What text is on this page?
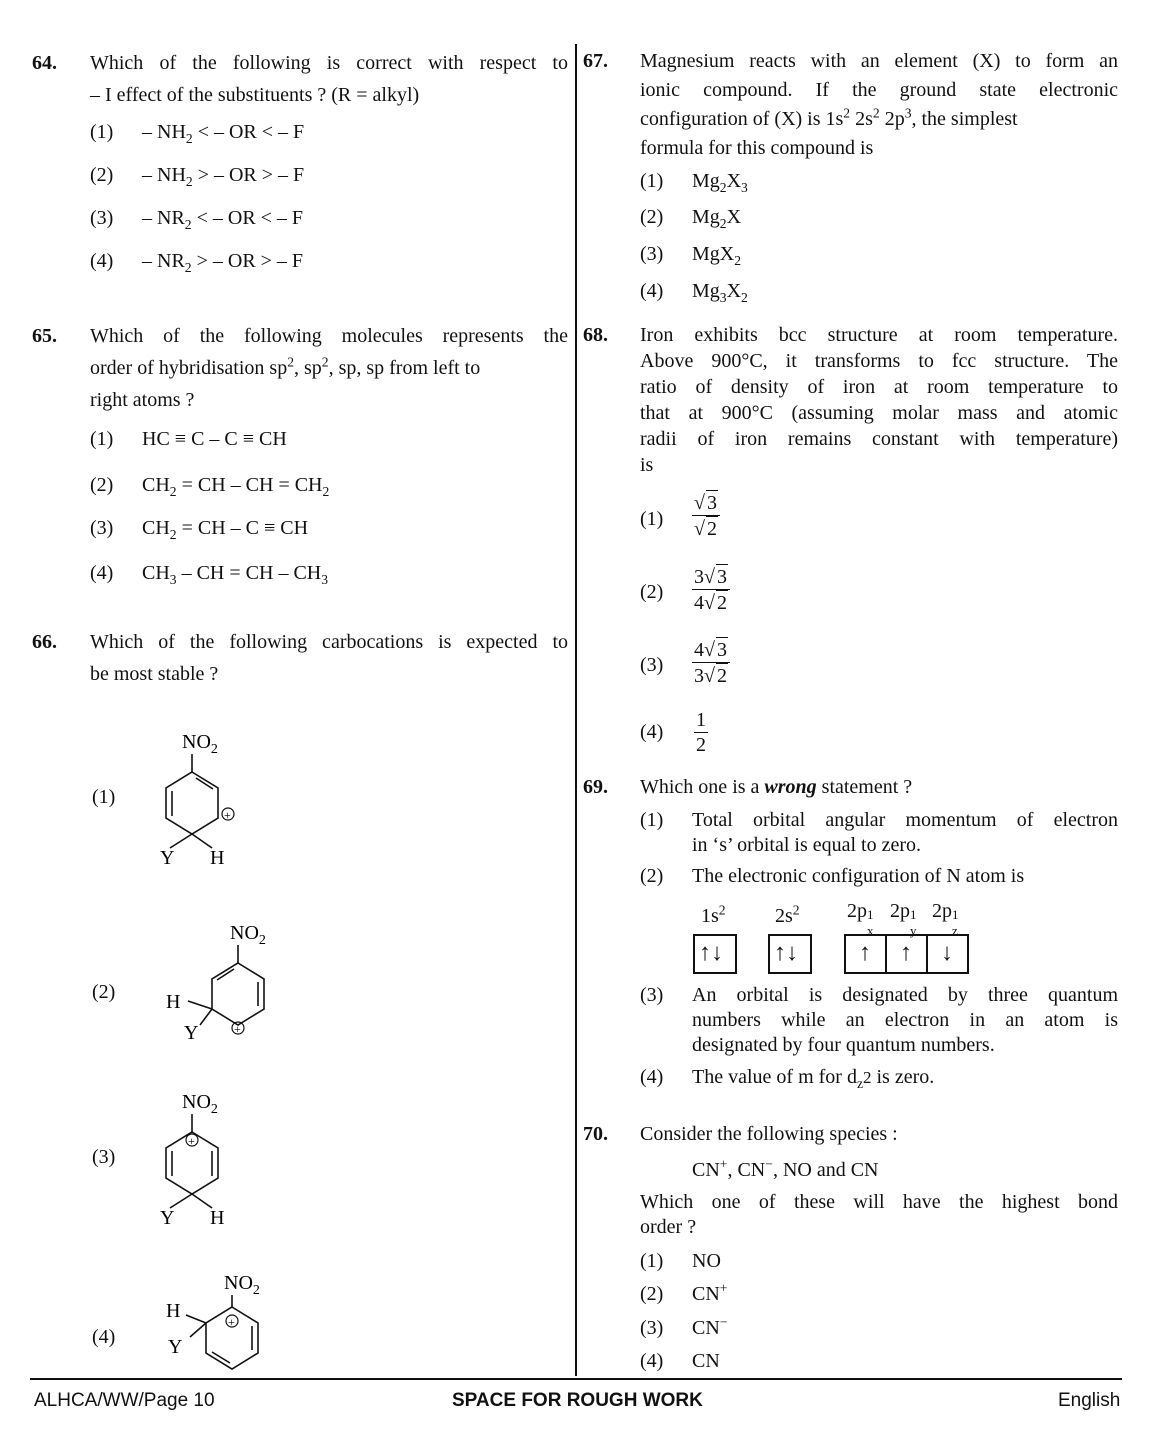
64. Which of the following is correct with respect to
– I effect of the substituents ? (R = alkyl)
$(1) - NH_2$ < – OR < – F
$(2) - NH_2$ > – OR > – F
$(3) - NR_2$ < – OR < – F
$(4) - NR_2$ > – OR > – F
65. Which of the following molecules represents the
order of hybridisation $sp^2$, $sp^2$, sp, sp from left to
right atoms ?
(1) HC ≡ C – C ≡ CH
(2) $CH_2$ = CH – CH = $CH_2$
(3) $CH_2$ = CH – C ≡ CH
(4) $CH_3$ – CH = CH – $CH_3$
66. Which of the following carbocations is expected to
be most stable ?
(1)
$NO_2$
+
Y H
(2)
$NO_2$
+
H
Y
(3)
$NO_2$
+
Y H
(4)
$NO_2$
+
H
Y
67. Magnesium reacts with an element (X) to form an
ionic compound. If the ground state electronic
configuration of (X) is $1s^2$ $2s^2$ $2p^3$, the simplest
formula for this compound is
(1) $Mg_2X_3$
(2) $Mg_2X$
(3) MgX$_2$
(4) $Mg_3X_2$
68. Iron exhibits bcc structure at room temperature.
Above 900°C, it transforms to fcc structure. The
ratio of density of iron at room temperature to
that at 900°C (assuming molar mass and atomic
radii of iron remains constant with temperature)
is
$(1) \frac{√ 3}{√ 2}$
$(2) \frac{3√ 3}{4√ 2}$
$(3) \frac{4√ 3}{3√ 2}$
$(4) \frac{1}{2}$
69. Which one is a wrong statement ?
(1) Total orbital angular momentum of electron
in ‘s’ orbital is equal to zero.
(2) The electronic configuration of N atom is
$1s^2$ $2s^2$ 2p 1
x
2p 1
y
2p 1
z
↑↓ ↑↓	↑ ↑ ↓
(3) An orbital is designated by three quantum
numbers while an electron in an atom is
designated by four quantum numbers.
(4) The value of m for $d_z2$ is zero.
70. Consider the following species :
CN+, CN−, NO and CN
Which one of these will have the highest bond
order ?
(1) NO
(2) CN+
(3) CN−
(4) CN
ALHCA/WW/Page 10	SPACE FOR ROUGH WORK	English
